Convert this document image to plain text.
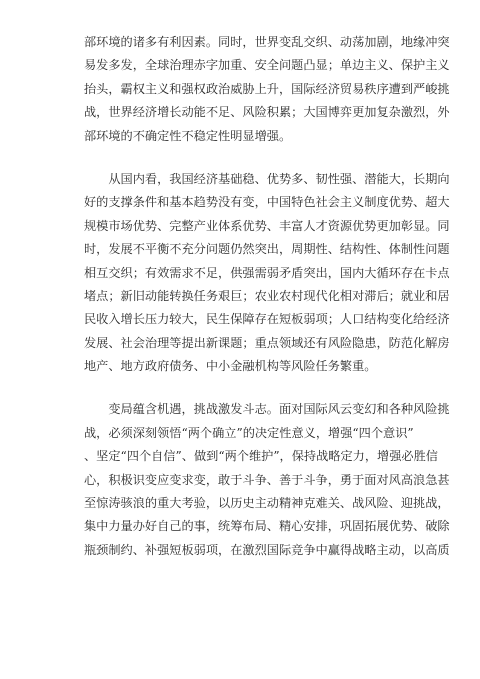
部环境的诸多有利因素。同时，世界变乱交织、动荡加剧，地缘冲突
易发多发，全球治理赤字加重、安全问题凸显；单边主义、保护主义
抬头，霸权主义和强权政治威胁上升，国际经济贸易秩序遭到严峻挑
战，世界经济增长动能不足、风险积累；大国博弈更加复杂激烈，外
部环境的不确定性不稳定性明显增强。
　　从国内看，我国经济基础稳、优势多、韧性强、潜能大，长期向
好的支撑条件和基本趋势没有变，中国特色社会主义制度优势、超大
规模市场优势、完整产业体系优势、丰富人才资源优势更加彰显。同
时，发展不平衡不充分问题仍然突出，周期性、结构性、体制性问题
相互交织；有效需求不足，供强需弱矛盾突出，国内大循环存在卡点
堵点；新旧动能转换任务艰巨；农业农村现代化相对滞后；就业和居
民收入增长压力较大，民生保障存在短板弱项；人口结构变化给经济
发展、社会治理等提出新课题；重点领域还有风险隐患，防范化解房
地产、地方政府债务、中小金融机构等风险任务繁重。
　　变局蕴含机遇，挑战激发斗志。面对国际风云变幻和各种风险挑
战，必须深刻领悟“两个确立”的决定性意义，增强“四个意识”
、坚定“四个自信”、做到“两个维护”，保持战略定力，增强必胜信
心，积极识变应变求变，敢于斗争、善于斗争，勇于面对风高浪急甚
至惊涛骇浪的重大考验，以历史主动精神克难关、战风险、迎挑战，
集中力量办好自己的事，统筹布局、精心安排，巩固拓展优势、破除
瓶颈制约、补强短板弱项，在激烈国际竞争中赢得战略主动，以高质
